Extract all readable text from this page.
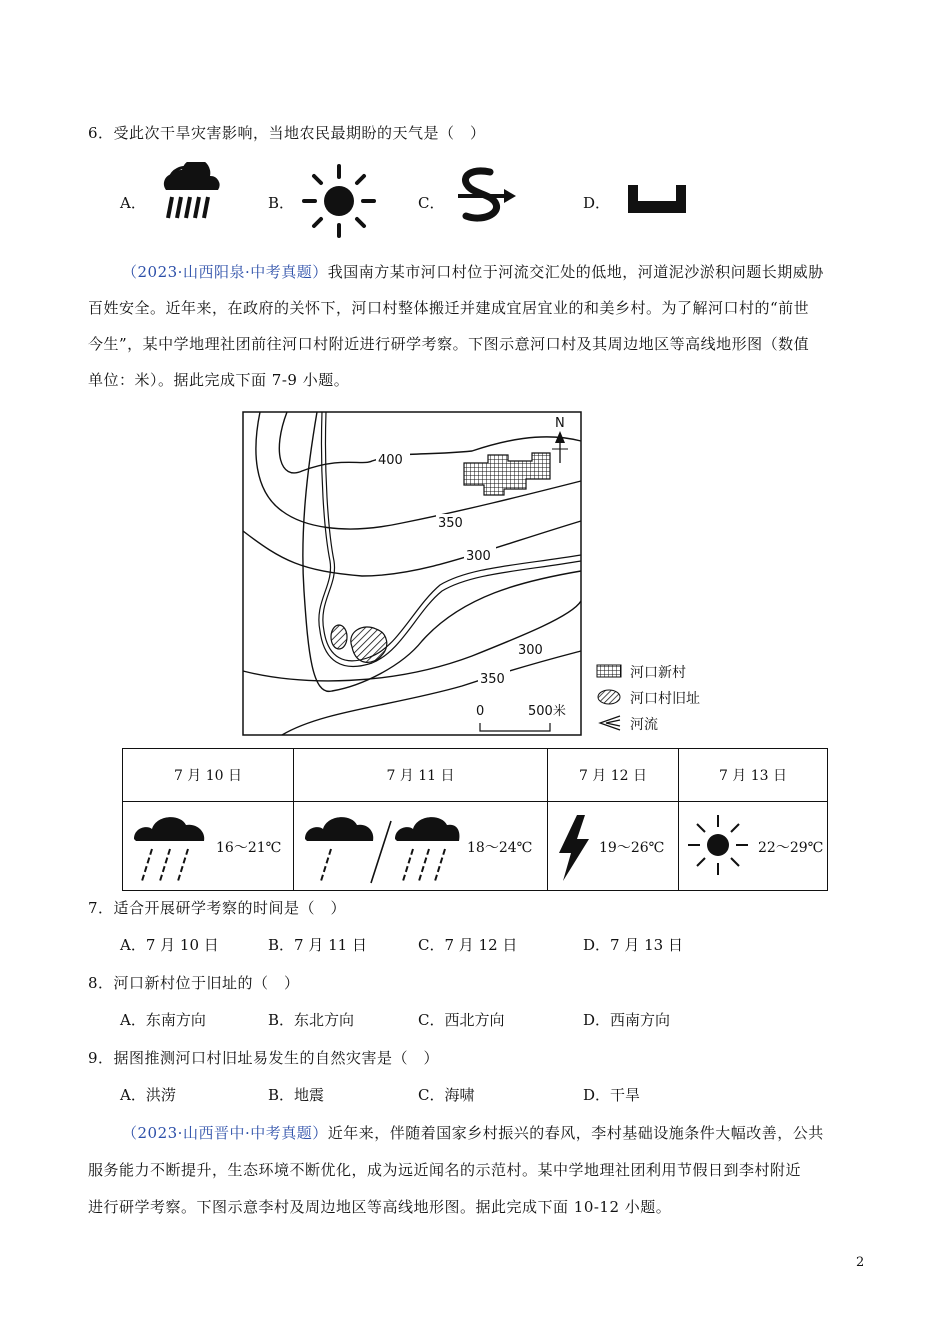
6．受此次干旱灾害影响，当地农民最期盼的天气是（　）
A．	B．	C．	D．
（2023·山西阳泉·中考真题）我国南方某市河口村位于河流交汇处的低地，河道泥沙淤积问题长期威胁
百姓安全。近年来，在政府的关怀下，河口村整体搬迁并建成宜居宜业的和美乡村。为了解河口村的“前世
今生”，某中学地理社团前往河口村附近进行研学考察。下图示意河口村及其周边地区等高线地形图（数值
单位：米）。据此完成下面 7-9 小题。
400
350
300
300
350
N
0	500米
河口新村
河口村旧址
河流
7 月 10 日	7 月 11 日	7 月 12 日	7 月 13 日

16～21℃	18～24℃	19～26℃	22～29℃
7．适合开展研学考察的时间是（　）
A．7 月 10 日	B．7 月 11 日	C．7 月 12 日	D．7 月 13 日
8．河口新村位于旧址的（　）
A．东南方向	B．东北方向	C．西北方向	D．西南方向
9．据图推测河口村旧址易发生的自然灾害是（　）
A．洪涝	B．地震	C．海啸	D．干旱
（2023·山西晋中·中考真题）近年来，伴随着国家乡村振兴的春风，李村基础设施条件大幅改善，公共
服务能力不断提升，生态环境不断优化，成为远近闻名的示范村。某中学地理社团利用节假日到李村附近
进行研学考察。下图示意李村及周边地区等高线地形图。据此完成下面 10-12 小题。
2
